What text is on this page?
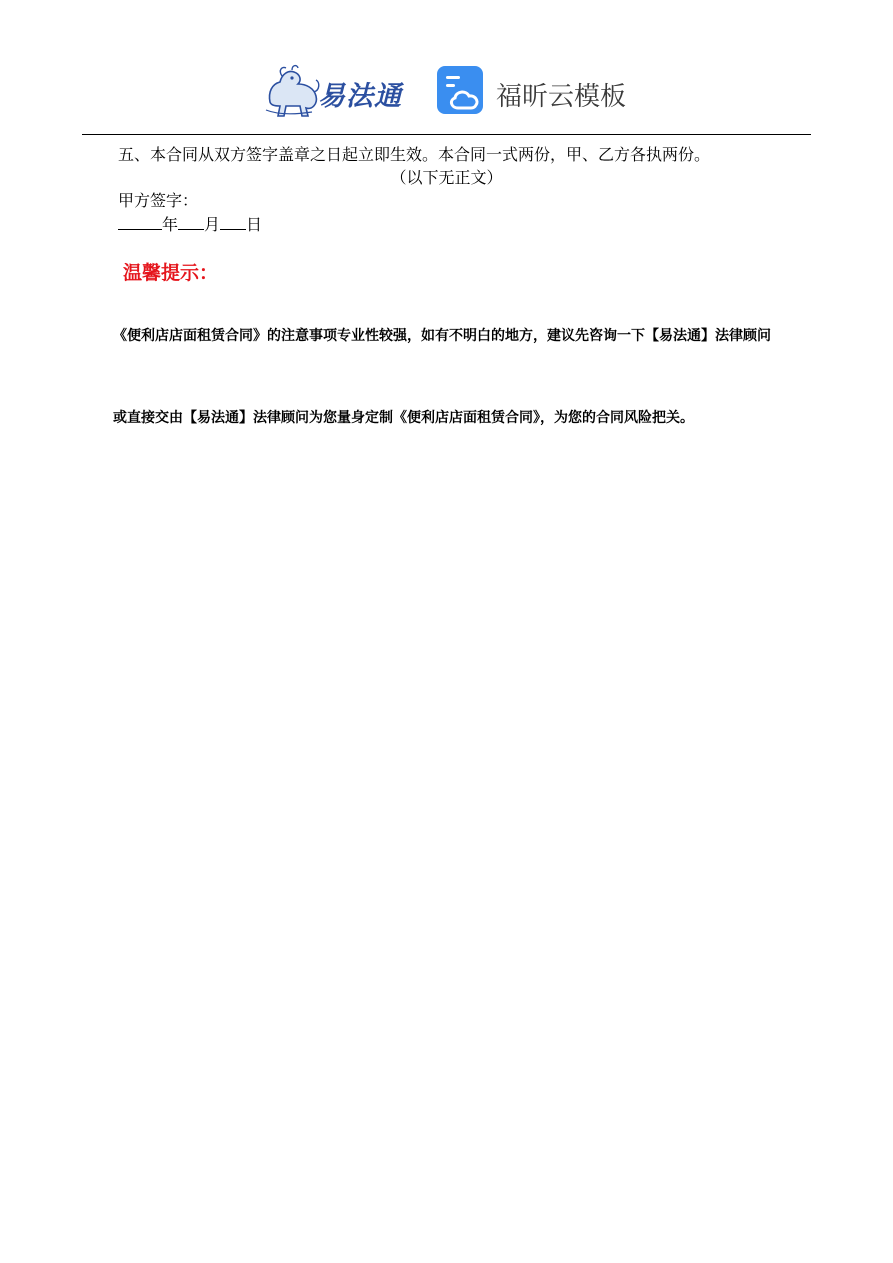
易法通	福昕云模板
五、本合同从双方签字盖章之日起立即生效。本合同一式两份，甲、乙方各执两份。
（以下无正文）
甲方签字：
年 月 日
温馨提示：
《便利店店面租赁合同》的注意事项专业性较强，如有不明白的地方，建议先咨询一下【易法通】法律顾问
或直接交由【易法通】法律顾问为您量身定制《便利店店面租赁合同》，为您的合同风险把关。
